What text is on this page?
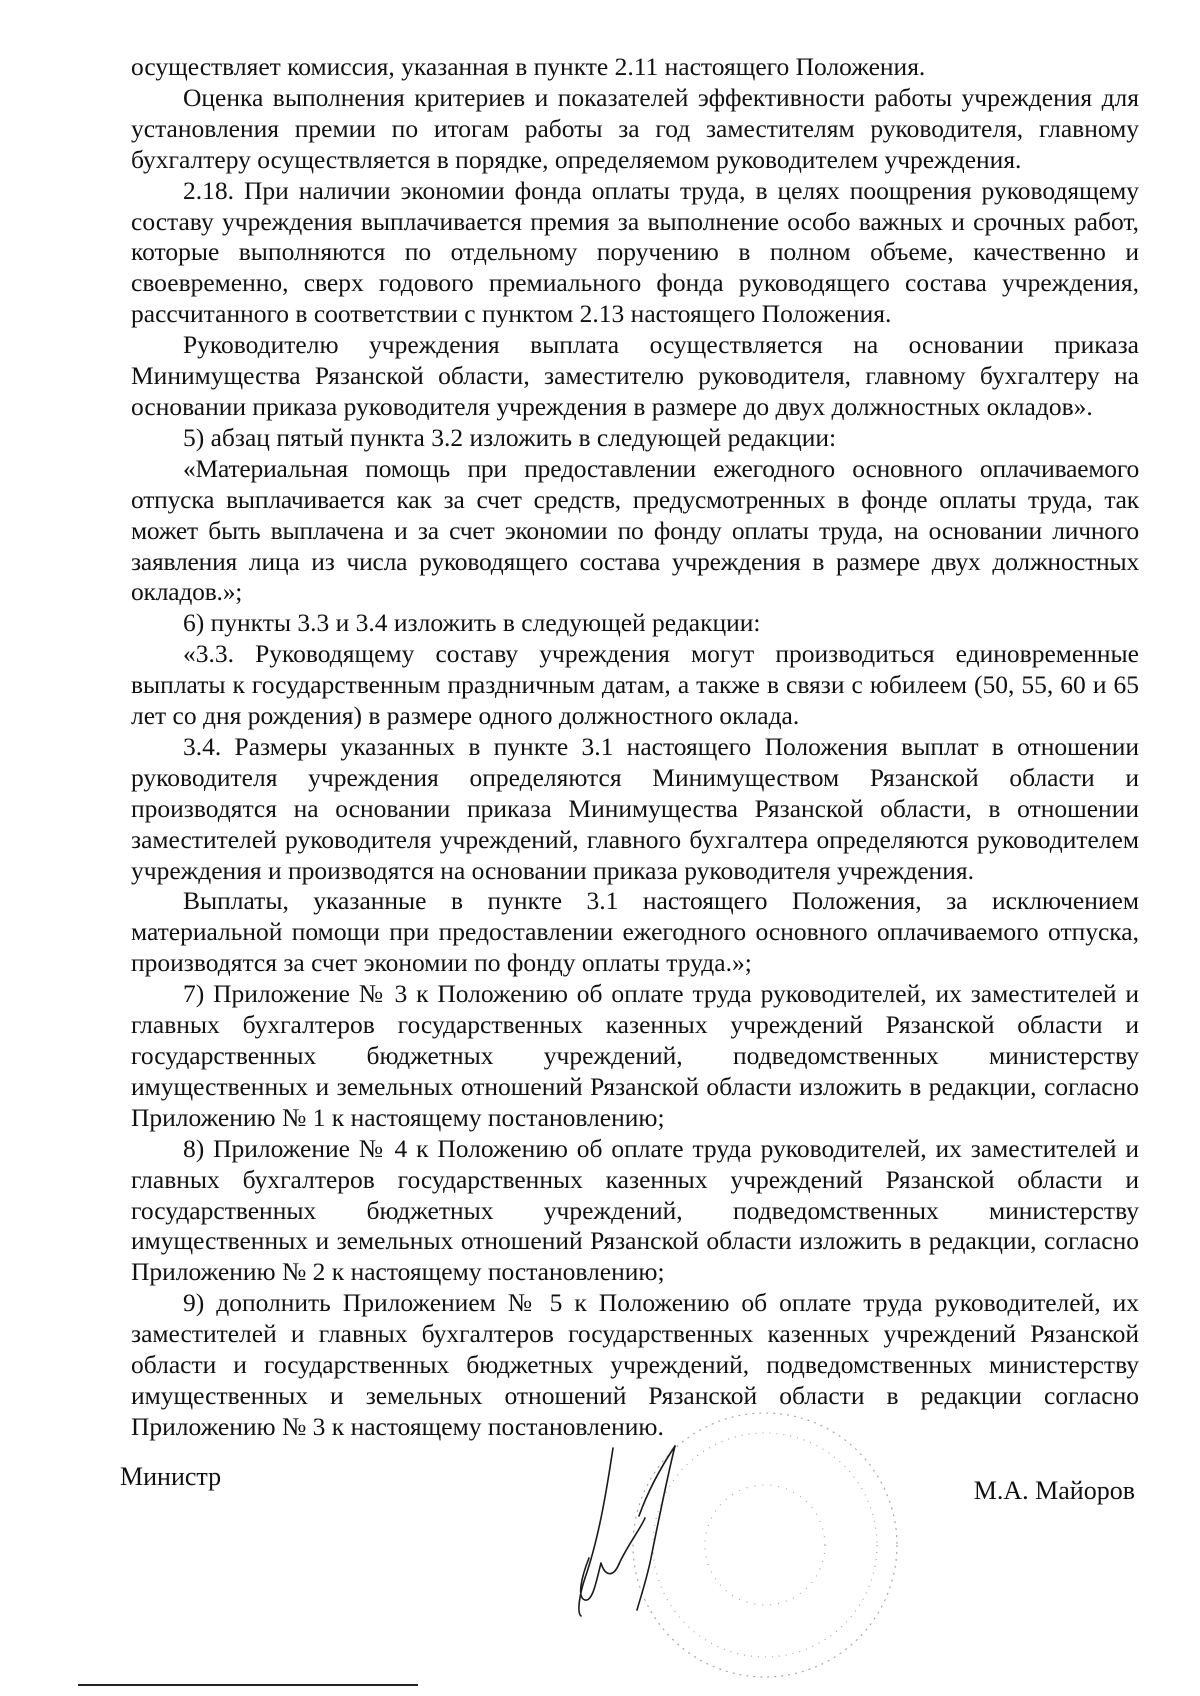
осуществляет комиссия, указанная в пункте 2.11 настоящего Положения.

Оценка выполнения критериев и показателей эффективности работы учреждения для установления премии по итогам работы за год заместителям руководителя, главному бухгалтеру осуществляется в порядке, определяемом руководителем учреждения.

2.18. При наличии экономии фонда оплаты труда, в целях поощрения руководящему составу учреждения выплачивается премия за выполнение особо важных и срочных работ, которые выполняются по отдельному поручению в полном объеме, качественно и своевременно, сверх годового премиального фонда руководящего состава учреждения, рассчитанного в соответствии с пунктом 2.13 настоящего Положения.

Руководителю учреждения выплата осуществляется на основании приказа Минимущества Рязанской области, заместителю руководителя, главному бухгалтеру на основании приказа руководителя учреждения в размере до двух должностных окладов».

5) абзац пятый пункта 3.2 изложить в следующей редакции:

«Материальная помощь при предоставлении ежегодного основного оплачиваемого отпуска выплачивается как за счет средств, предусмотренных в фонде оплаты труда, так может быть выплачена и за счет экономии по фонду оплаты труда, на основании личного заявления лица из числа руководящего состава учреждения в размере двух должностных окладов.»;

6) пункты 3.3 и 3.4 изложить в следующей редакции:

«3.3. Руководящему составу учреждения могут производиться единовременные выплаты к государственным праздничным датам, а также в связи с юбилеем (50, 55, 60 и 65 лет со дня рождения) в размере одного должностного оклада.

3.4. Размеры указанных в пункте 3.1 настоящего Положения выплат в отношении руководителя учреждения определяются Минимуществом Рязанской области и производятся на основании приказа Минимущества Рязанской области, в отношении заместителей руководителя учреждений, главного бухгалтера определяются руководителем учреждения и производятся на основании приказа руководителя учреждения.

Выплаты, указанные в пункте 3.1 настоящего Положения, за исключением материальной помощи при предоставлении ежегодного основного оплачиваемого отпуска, производятся за счет экономии по фонду оплаты труда.»;

7) Приложение № 3 к Положению об оплате труда руководителей, их заместителей и главных бухгалтеров государственных казенных учреждений Рязанской области и государственных бюджетных учреждений, подведомственных министерству имущественных и земельных отношений Рязанской области изложить в редакции, согласно Приложению № 1 к настоящему постановлению;

8) Приложение № 4 к Положению об оплате труда руководителей, их заместителей и главных бухгалтеров государственных казенных учреждений Рязанской области и государственных бюджетных учреждений, подведомственных министерству имущественных и земельных отношений Рязанской области изложить в редакции, согласно Приложению № 2 к настоящему постановлению;

9) дополнить Приложением № 5 к Положению об оплате труда руководителей, их заместителей и главных бухгалтеров государственных казенных учреждений Рязанской области и государственных бюджетных учреждений, подведомственных министерству имущественных и земельных отношений Рязанской области в редакции согласно Приложению № 3 к настоящему постановлению.

Министр	М.А. Майоров
